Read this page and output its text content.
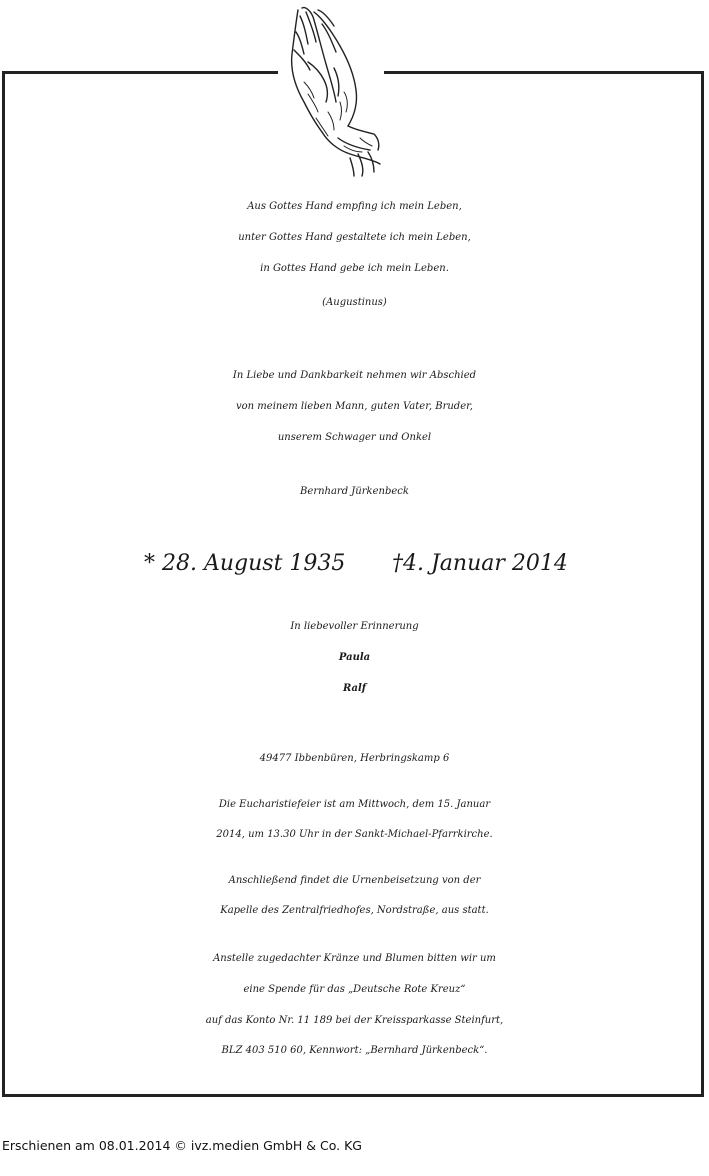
Aus Gottes Hand empfing ich mein Leben,
unter Gottes Hand gestaltete ich mein Leben,
in Gottes Hand gebe ich mein Leben.
(Augustinus)
In Liebe und Dankbarkeit nehmen wir Abschied
von meinem lieben Mann, guten Vater, Bruder,
unserem Schwager und Onkel
Bernhard Jürkenbeck
* 28. August 1935 †4. Januar 2014
In liebevoller Erinnerung
Paula
Ralf
49477 Ibbenbüren, Herbringskamp 6
Die Eucharistiefeier ist am Mittwoch, dem 15. Januar
2014, um 13.30 Uhr in der Sankt-Michael-Pfarrkirche.
Anschließend findet die Urnenbeisetzung von der
Kapelle des Zentralfriedhofes, Nordstraße, aus statt.
Anstelle zugedachter Kränze und Blumen bitten wir um
eine Spende für das „Deutsche Rote Kreuz“
auf das Konto Nr. 11 189 bei der Kreissparkasse Steinfurt,
BLZ 403 510 60, Kennwort: „Bernhard Jürkenbeck“.
Erschienen am 08.01.2014 © ivz.medien GmbH & Co. KG
